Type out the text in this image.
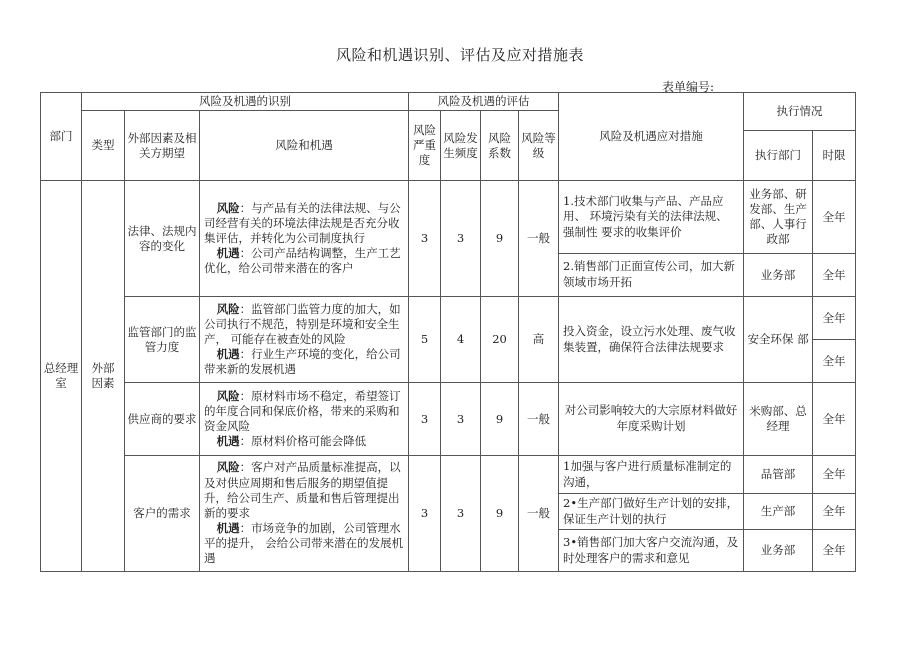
风险和机遇识别、评估及应对措施表
表单编号:
部门	风险及机遇的识别			风险及机遇的评估				风险及机遇应对措施	执行情况	
	类型	外部因素及相关方期望	风险和机遇	风险严重度	风险发生频度	风险系数	风险等级			
									执行部门	时限
总经理室	外部 因素	法律、法规内容的变化	风险：与产品有关的法律法规、与公司经营有关的环境法律法规是否充分收集评估，并转化为公司制度执行
机遇：公司产品结构调整，生产工艺优化，给公司带来潜在的客户	3	3	9	一般	1.技术部门收集与产品、产品应用、 环境污染有关的法律法规、强制性 要求的收集评价	业务部、研发部、生产部、人事行政部	全年
								2.销售部门正面宣传公司，加大新领域市场开拓	业务部	全年
		监管部门的监管力度	风险：监管部门监管力度的加大，如公司执行不规范，特别是环境和安全生产， 可能存在被查处的风险
机遇：行业生产环境的变化，给公司带来新的发展机遇	5	4	20	高	投入资金，设立污水处理、废气收集装置，确保符合法律法规要求	安全环保 部	全年
										全年
		供应商的要求	风险：原材料市场不稳定，希望签订的年度合同和保底价格，带来的采购和资金风险
机遇：原材料价格可能会降低	3	3	9	一般	对公司影响较大的大宗原材料做好年度采购计划	米购部、总经理	全年
		客户的需求	风险：客户对产品质量标准提高，以及对供应周期和售后服务的期望值提升，给公司生产、质量和售后管理提出新的要求
机遇：市场竞争的加剧，公司管理水平的提升， 会给公司带来潜在的发展机遇	3	3	9	一般	1加强与客户进行质量标准制定的沟通，	品管部	全年
								2•生产部门做好生产计划的安排，保证生产计划的执行	生产部	全年
								3•销售部门加大客户交流沟通，及时处理客户的需求和意见	业务部	全年
